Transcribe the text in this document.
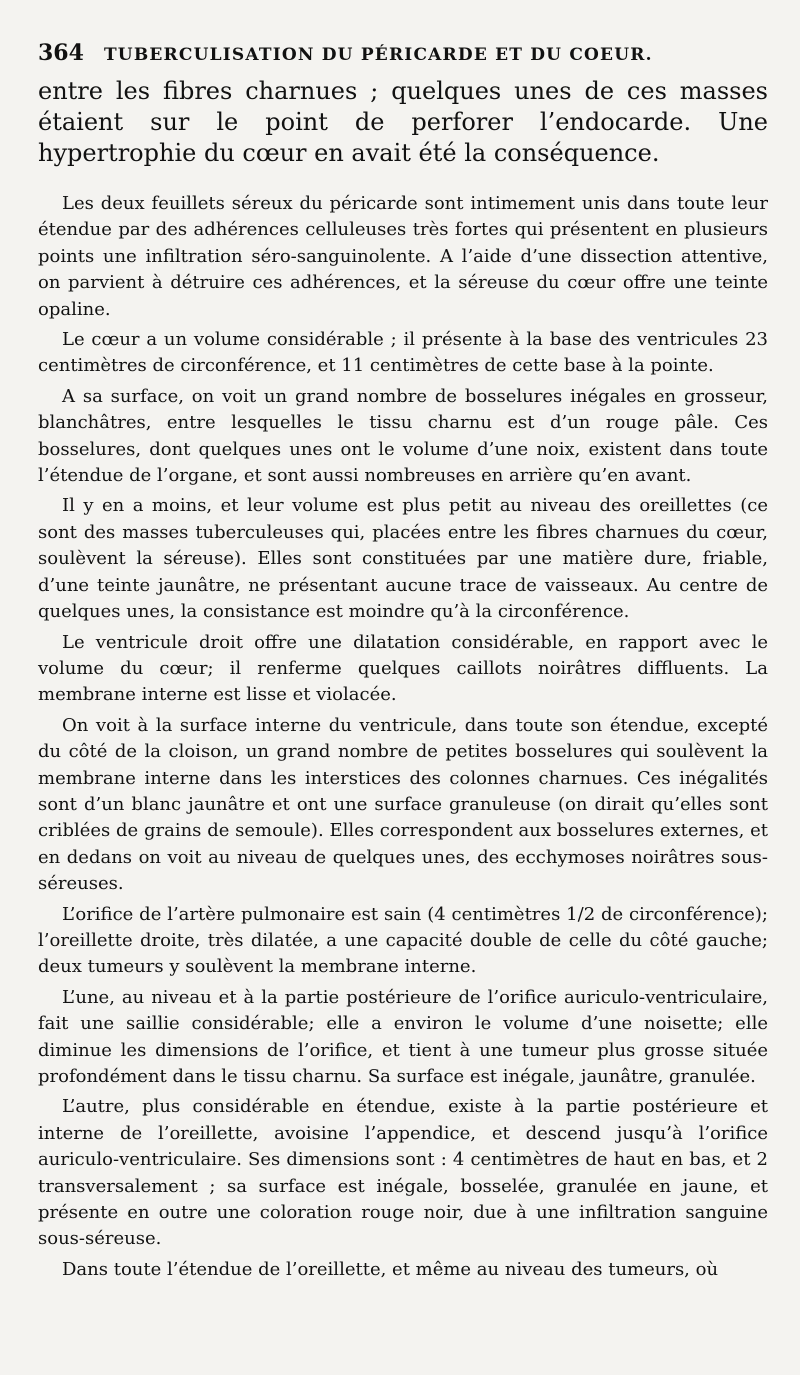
364 TUBERCULISATION DU PÉRICARDE ET DU COEUR.

entre les fibres charnues ; quelques unes de ces masses étaient sur le point de perforer l’endocarde. Une hypertrophie du cœur en avait été la conséquence.

Les deux feuillets séreux du péricarde sont intimement unis dans toute leur étendue par des adhérences celluleuses très fortes qui présentent en plusieurs points une infiltration séro-sanguinolente. A l’aide d’une dissection attentive, on parvient à détruire ces adhérences, et la séreuse du cœur offre une teinte opaline.

Le cœur a un volume considérable ; il présente à la base des ventricules 23 centimètres de circonférence, et 11 centimètres de cette base à la pointe.

A sa surface, on voit un grand nombre de bosselures inégales en grosseur, blanchâtres, entre lesquelles le tissu charnu est d’un rouge pâle. Ces bosselures, dont quelques unes ont le volume d’une noix, existent dans toute l’étendue de l’organe, et sont aussi nombreuses en arrière qu’en avant.

Il y en a moins, et leur volume est plus petit au niveau des oreillettes (ce sont des masses tuberculeuses qui, placées entre les fibres charnues du cœur, soulèvent la séreuse). Elles sont constituées par une matière dure, friable, d’une teinte jaunâtre, ne présentant aucune trace de vaisseaux. Au centre de quelques unes, la consistance est moindre qu’à la circonférence.

Le ventricule droit offre une dilatation considérable, en rapport avec le volume du cœur; il renferme quelques caillots noirâtres diffluents. La membrane interne est lisse et violacée.

On voit à la surface interne du ventricule, dans toute son étendue, excepté du côté de la cloison, un grand nombre de petites bosselures qui soulèvent la membrane interne dans les interstices des colonnes charnues. Ces inégalités sont d’un blanc jaunâtre et ont une surface granuleuse (on dirait qu’elles sont criblées de grains de semoule). Elles correspondent aux bosselures externes, et en dedans on voit au niveau de quelques unes, des ecchymoses noirâtres sous-séreuses.

L’orifice de l’artère pulmonaire est sain (4 centimètres 1/2 de circonférence); l’oreillette droite, très dilatée, a une capacité double de celle du côté gauche; deux tumeurs y soulèvent la membrane interne.

L’une, au niveau et à la partie postérieure de l’orifice auriculo-ventriculaire, fait une saillie considérable; elle a environ le volume d’une noisette; elle diminue les dimensions de l’orifice, et tient à une tumeur plus grosse située profondément dans le tissu charnu. Sa surface est inégale, jaunâtre, granulée.

L’autre, plus considérable en étendue, existe à la partie postérieure et interne de l’oreillette, avoisine l’appendice, et descend jusqu’à l’orifice auriculo-ventriculaire. Ses dimensions sont : 4 centimètres de haut en bas, et 2 transversalement ; sa surface est inégale, bosselée, granulée en jaune, et présente en outre une coloration rouge noir, due à une infiltration sanguine sous-séreuse.

Dans toute l’étendue de l’oreillette, et même au niveau des tumeurs, où
